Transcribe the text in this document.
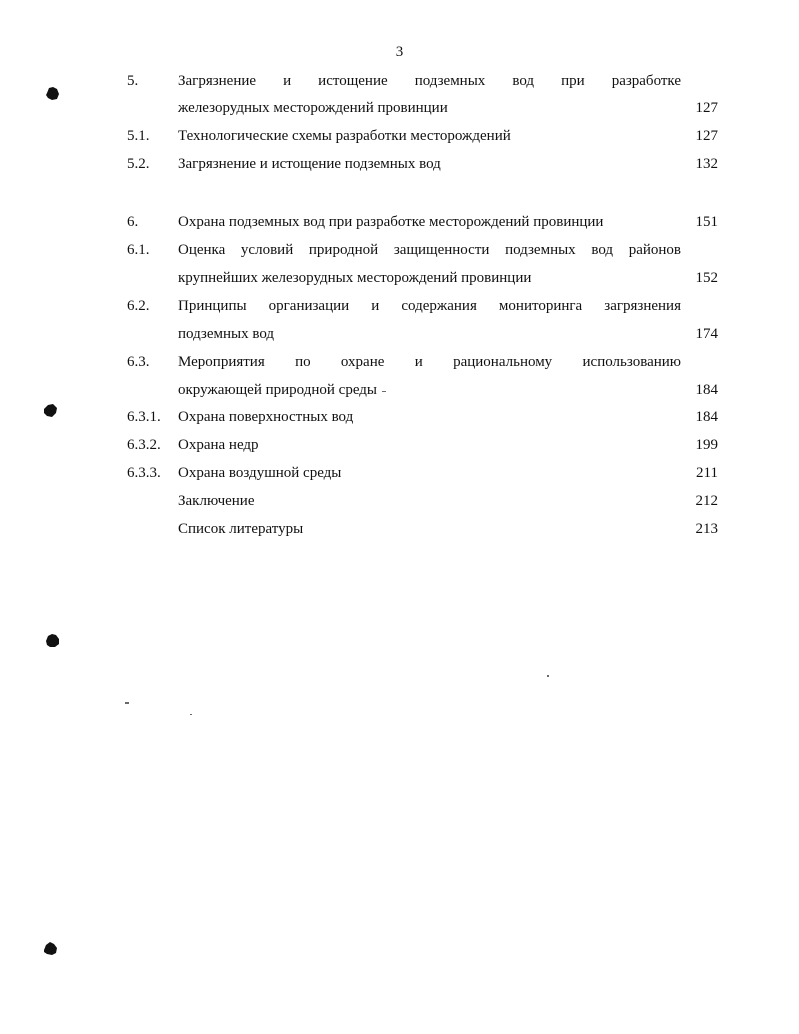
3
5.	Загрязнение и истощение подземных вод при разработке
железорудных месторождений провинции	127
5.1.	Технологические схемы разработки месторождений	127
5.2.	Загрязнение и истощение подземных вод	132
6.	Охрана подземных вод при разработке месторождений провинции	151
6.1.	Оценка условий природной защищенности подземных вод районов
крупнейших железорудных месторождений провинции	152
6.2.	Принципы организации и содержания мониторинга загрязнения
подземных вод	174
6.3.	Мероприятия по охране и рациональному использованию
окружающей природной среды	184
6.3.1.	Охрана поверхностных вод	184
6.3.2.	Охрана недр	199
6.3.3.	Охрана воздушной среды	211
Заключение	212
Список литературы	213
